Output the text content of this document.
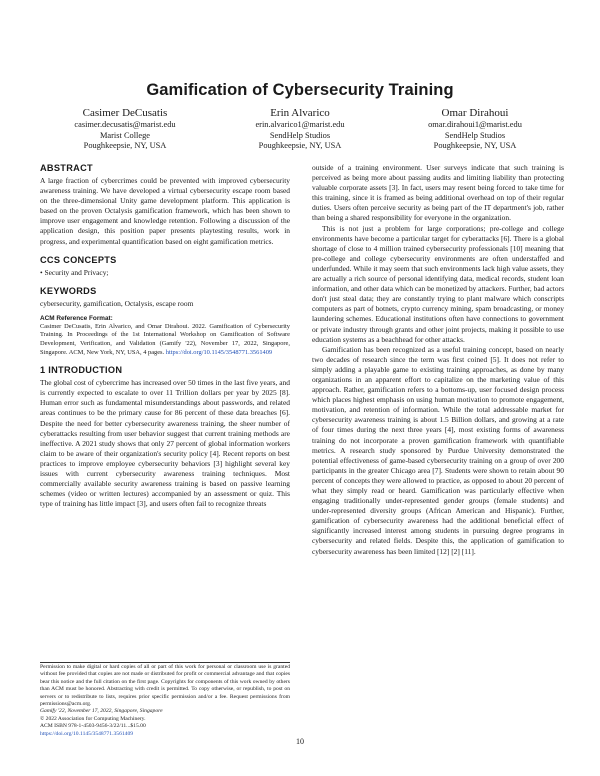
Gamification of Cybersecurity Training
Casimer DeCusatis
casimer.decusatis@marist.edu
Marist College
Poughkeepsie, NY, USA
Erin Alvarico
erin.alvarico1@marist.edu
SendHelp Studios
Poughkeepsie, NY, USA
Omar Dirahoui
omar.dirahoui1@marist.edu
SendHelp Studios
Poughkeepsie, NY, USA
ABSTRACT

A large fraction of cybercrimes could be prevented with improved cybersecurity awareness training. We have developed a virtual cybersecurity escape room based on the three-dimensional Unity game development platform. This application is based on the proven Octalysis gamification framework, which has been shown to improve user engagement and knowledge retention. Following a discussion of the application design, this position paper presents playtesting results, work in progress, and experimental quantification based on eight gamification metrics.

CCS CONCEPTS
• Security and Privacy;
KEYWORDS

cybersecurity, gamification, Octalysis, escape room

ACM Reference Format:
Casimer DeCusatis, Erin Alvarico, and Omar Dirahoui. 2022. Gamification of Cybersecurity Training. In Proceedings of the 1st International Workshop on Gamification of Software Development, Verification, and Validation (Gamify '22), November 17, 2022, Singapore, Singapore. ACM, New York, NY, USA, 4 pages. https://doi.org/10.1145/3548771.3561409
1 INTRODUCTION

The global cost of cybercrime has increased over 50 times in the last five years, and is currently expected to escalate to over 11 Trillion dollars per year by 2025 [8]. Human error such as fundamental misunderstandings about passwords, and related areas continues to be the primary cause for 86 percent of these data breaches [6]. Despite the need for better cybersecurity awareness training, the sheer number of cyberattacks resulting from user behavior suggest that current training methods are ineffective. A 2021 study shows that only 27 percent of global information workers claim to be aware of their organization's security policy [4]. Recent reports on best practices to improve employee cybersecurity behaviors [3] highlight several key issues with current cybersecurity awareness training techniques. Most commercially available security awareness training is based on passive learning schemes (video or written lectures) accompanied by an assessment or quiz. This type of training has little impact [3], and users often fail to recognize threats

outside of a training environment. User surveys indicate that such training is perceived as being more about passing audits and limiting liability than protecting valuable corporate assets [3]. In fact, users may resent being forced to take time for this training, since it is framed as being additional overhead on top of their regular duties. Users often perceive security as being part of the IT department's job, rather than being a shared responsibility for everyone in the organization.

This is not just a problem for large corporations; pre-college and college environments have become a particular target for cyberattacks [6]. There is a global shortage of close to 4 million trained cybersecurity professionals [10] meaning that pre-college and college cybersecurity environments are often understaffed and underfunded. While it may seem that such environments lack high value assets, they are actually a rich source of personal identifying data, medical records, student loan information, and other data which can be monetized by attackers. Further, bad actors don't just steal data; they are constantly trying to plant malware which conscripts computers as part of botnets, crypto currency mining, spam broadcasting, or money laundering schemes. Educational institutions often have connections to government or private industry through grants and other joint projects, making it possible to use education systems as a beachhead for other attacks.

Gamification has been recognized as a useful training concept, based on nearly two decades of research since the term was first coined [5]. It does not refer to simply adding a playable game to existing training approaches, as done by many organizations in an apparent effort to capitalize on the marketing value of this approach. Rather, gamification refers to a bottoms-up, user focused design process which places highest emphasis on using human motivation to promote engagement, motivation, and retention of information. While the total addressable market for cybersecurity awareness training is about 1.5 Billion dollars, and growing at a rate of four times during the next three years [4], most existing forms of awareness training do not incorporate a proven gamification framework with quantifiable metrics. A research study sponsored by Purdue University demonstrated the potential effectiveness of game-based cybersecurity training on a group of over 200 participants in the greater Chicago area [7]. Students were shown to retain about 90 percent of concepts they were allowed to practice, as opposed to about 20 percent of what they simply read or heard. Gamification was particularly effective when engaging traditionally under-represented gender groups (female students) and under-represented diversity groups (African American and Hispanic). Further, gamification of cybersecurity awareness had the additional beneficial effect of significantly increased interest among students in pursuing degree programs in cybersecurity and related fields. Despite this, the application of gamification to cybersecurity awareness has been limited [12] [2] [11].

Permission to make digital or hard copies of all or part of this work for personal or classroom use is granted without fee provided that copies are not made or distributed for profit or commercial advantage and that copies bear this notice and the full citation on the first page. Copyrights for components of this work owned by others than ACM must be honored. Abstracting with credit is permitted. To copy otherwise, or republish, to post on servers or to redistribute to lists, requires prior specific permission and/or a fee. Request permissions from permissions@acm.org.
Gamify '22, November 17, 2022, Singapore, Singapore
© 2022 Association for Computing Machinery.
ACM ISBN 978-1-4503-9456-3/22/11...$15.00
https://doi.org/10.1145/3548771.3561409
10
